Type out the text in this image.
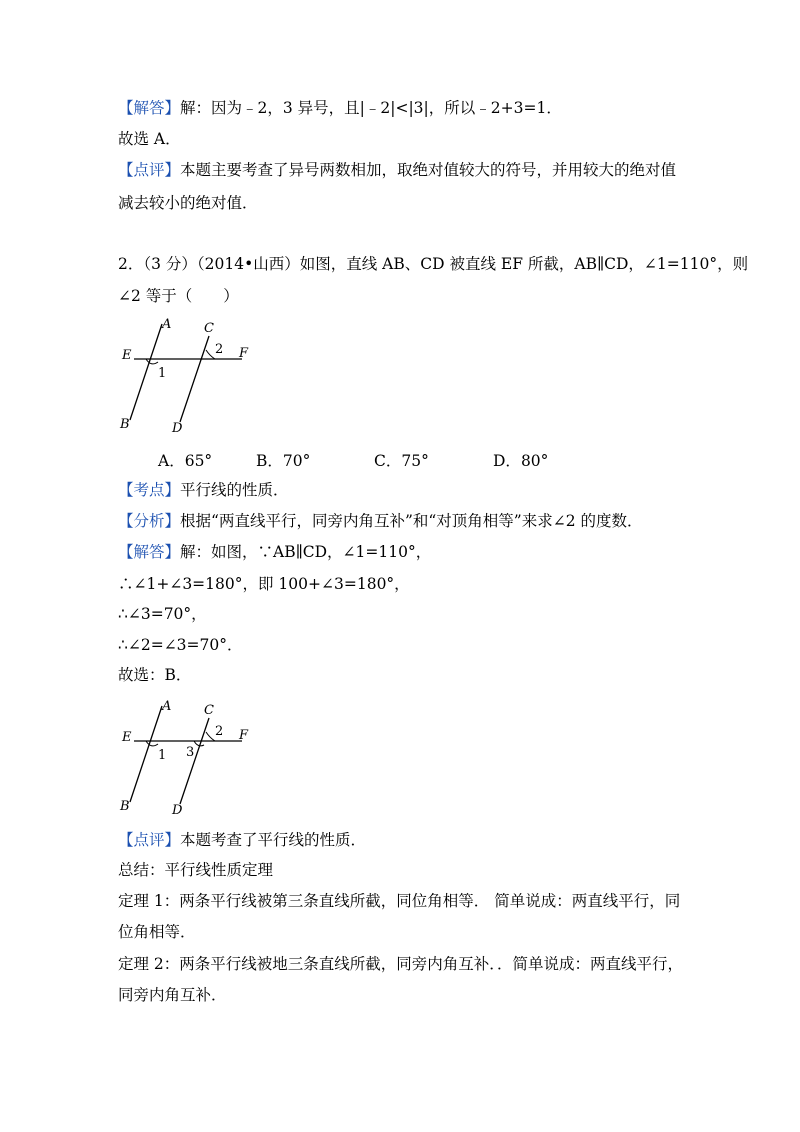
【解答】解：因为﹣2，3 异号，且|﹣2|<|3|，所以﹣2+3=1．
故选 A．
【点评】本题主要考查了异号两数相加，取绝对值较大的符号，并用较大的绝对值
减去较小的绝对值．
2．（3 分）（2014•山西）如图，直线 AB、CD 被直线 EF 所截，AB∥CD，∠1=110°，则
∠2 等于（　　）
A	C
E	F
2
1
B	D
A．65°	B．70°	C．75°	D．80°
【考点】平行线的性质．
【分析】根据“两直线平行，同旁内角互补”和“对顶角相等”来求∠2 的度数．
【解答】解：如图，∵AB∥CD，∠1=110°，
∴∠1+∠3=180°，即 100+∠3=180°，
∴∠3=70°，
∴∠2=∠3=70°．
故选：B．
A	C
E	F
2
1 3
B	D
【点评】本题考查了平行线的性质．
总结：平行线性质定理
定理 1：两条平行线被第三条直线所截，同位角相等． 简单说成：两直线平行，同
位角相等．
定理 2：两条平行线被地三条直线所截，同旁内角互补．．简单说成：两直线平行，
同旁内角互补．
